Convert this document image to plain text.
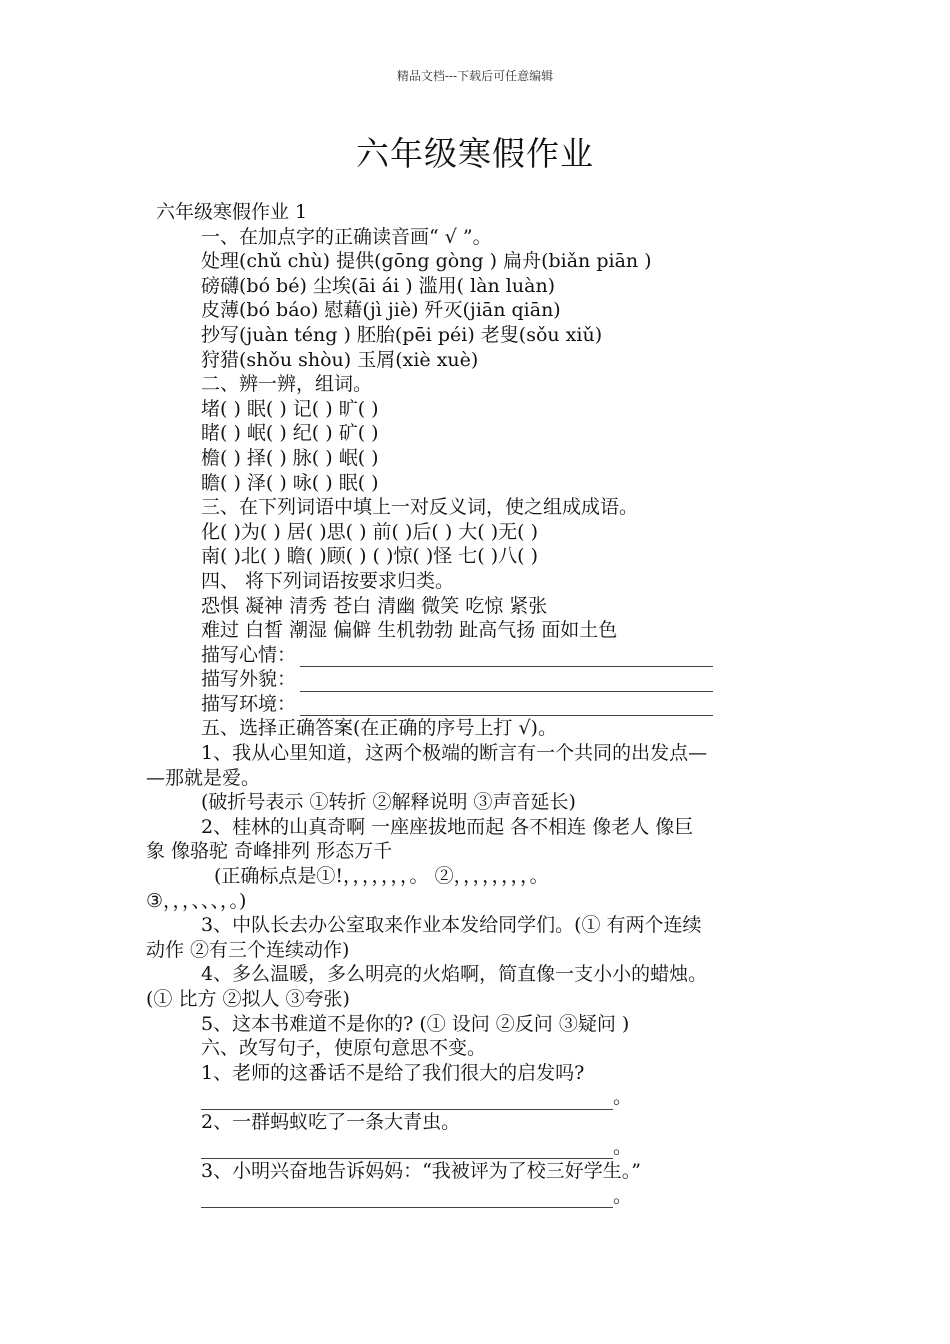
精品文档---下载后可任意编辑
六年级寒假作业
六年级寒假作业 1
一、在加点字的正确读音画“ √ ”。
处理(chǔ chù) 提供(gōng gòng ) 扁舟(biǎn piān )
磅礴(bó bé) 尘埃(āi ái ) 滥用( làn luàn)
皮薄(bó báo) 慰藉(jì jiè) 歼灭(jiān qiān)
抄写(juàn téng ) 胚胎(pēi péi) 老叟(sǒu xiǔ)
狩猎(shǒu shòu) 玉屑(xiè xuè)
二、辨一辨，组词。
堵( ) 眠( ) 记( ) 旷( )
睹( ) 岷( ) 纪( ) 矿( )
檐( ) 择( ) 脉( ) 岷( )
瞻( ) 泽( ) 咏( ) 眠( )
三、在下列词语中填上一对反义词，使之组成成语。
化( )为( ) 居( )思( ) 前( )后( ) 大( )无( )
南( )北( ) 瞻( )顾( ) ( )惊( )怪 七( )八( )
四、 将下列词语按要求归类。
恐惧 凝神 清秀 苍白 清幽 微笑 吃惊 紧张
难过 白皙 潮湿 偏僻 生机勃勃 趾高气扬 面如土色
描写心情：
描写外貌：
描写环境：
五、选择正确答案(在正确的序号上打 √)。
1、我从心里知道，这两个极端的断言有一个共同的出发点—
—那就是爱。
(破折号表示 ①转折 ②解释说明 ③声音延长)
2、桂林的山真奇啊 一座座拔地而起 各不相连 像老人 像巨
象 像骆驼 奇峰排列 形态万千
(正确标点是①!，，，，，，，。 ②，，，，，，，，。
③，，，、、、，。)
3、中队长去办公室取来作业本发给同学们。(① 有两个连续
动作 ②有三个连续动作)
4、多么温暖，多么明亮的火焰啊，简直像一支小小的蜡烛。
(① 比方 ②拟人 ③夸张)
5、这本书难道不是你的? (① 设问 ②反问 ③疑问 )
六、改写句子，使原句意思不变。
1、老师的这番话不是给了我们很大的启发吗?
。
2、一群蚂蚁吃了一条大青虫。
。
3、小明兴奋地告诉妈妈：“我被评为了校三好学生。”
。
